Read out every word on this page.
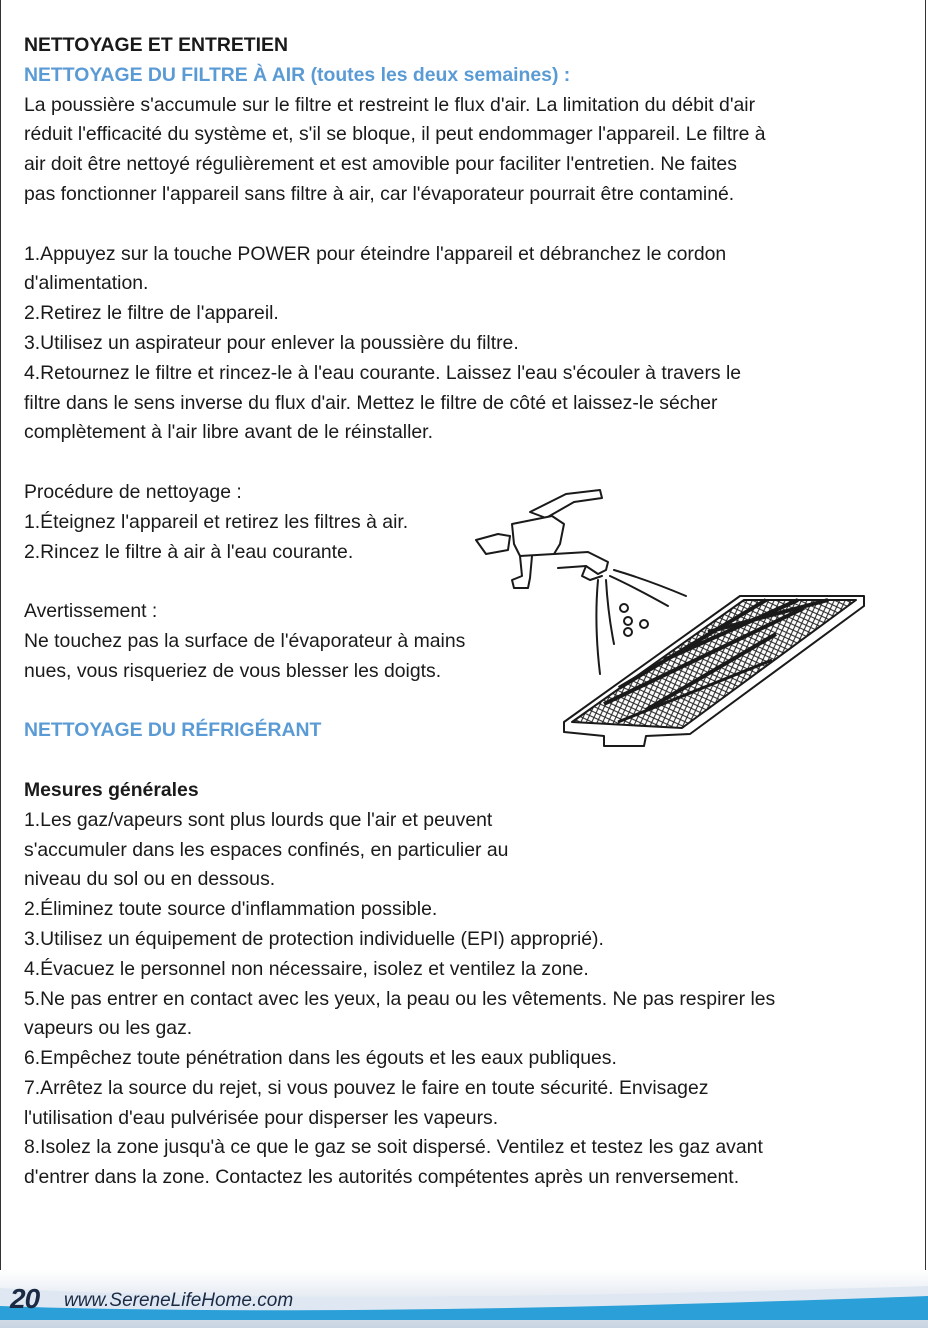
NETTOYAGE ET ENTRETIEN
NETTOYAGE DU FILTRE À AIR (toutes les deux semaines) :
La poussière s'accumule sur le filtre et restreint le flux d'air. La limitation du débit d'air
réduit l'efficacité du système et, s'il se bloque, il peut endommager l'appareil. Le filtre à
air doit être nettoyé régulièrement et est amovible pour faciliter l'entretien. Ne faites
pas fonctionner l'appareil sans filtre à air, car l'évaporateur pourrait être contaminé.
1.Appuyez sur la touche POWER pour éteindre l'appareil et débranchez le cordon
d'alimentation.
2.Retirez le filtre de l'appareil.
3.Utilisez un aspirateur pour enlever la poussière du filtre.
4.Retournez le filtre et rincez-le à l'eau courante. Laissez l'eau s'écouler à travers le
filtre dans le sens inverse du flux d'air. Mettez le filtre de côté et laissez-le sécher
complètement à l'air libre avant de le réinstaller.
Procédure de nettoyage :
1.Éteignez l'appareil et retirez les filtres à air.
2.Rincez le filtre à air à l'eau courante.
Avertissement :
Ne touchez pas la surface de l'évaporateur à mains
nues, vous risqueriez de vous blesser les doigts.
NETTOYAGE DU RÉFRIGÉRANT
Mesures générales
1.Les gaz/vapeurs sont plus lourds que l'air et peuvent
s'accumuler dans les espaces confinés, en particulier au
niveau du sol ou en dessous.
2.Éliminez toute source d'inflammation possible.
3.Utilisez un équipement de protection individuelle (EPI) approprié).
4.Évacuez le personnel non nécessaire, isolez et ventilez la zone.
5.Ne pas entrer en contact avec les yeux, la peau ou les vêtements. Ne pas respirer les
vapeurs ou les gaz.
6.Empêchez toute pénétration dans les égouts et les eaux publiques.
7.Arrêtez la source du rejet, si vous pouvez le faire en toute sécurité. Envisagez
l'utilisation d'eau pulvérisée pour disperser les vapeurs.
8.Isolez la zone jusqu'à ce que le gaz se soit dispersé. Ventilez et testez les gaz avant
d'entrer dans la zone. Contactez les autorités compétentes après un renversement.
20 www.SereneLifeHome.com
